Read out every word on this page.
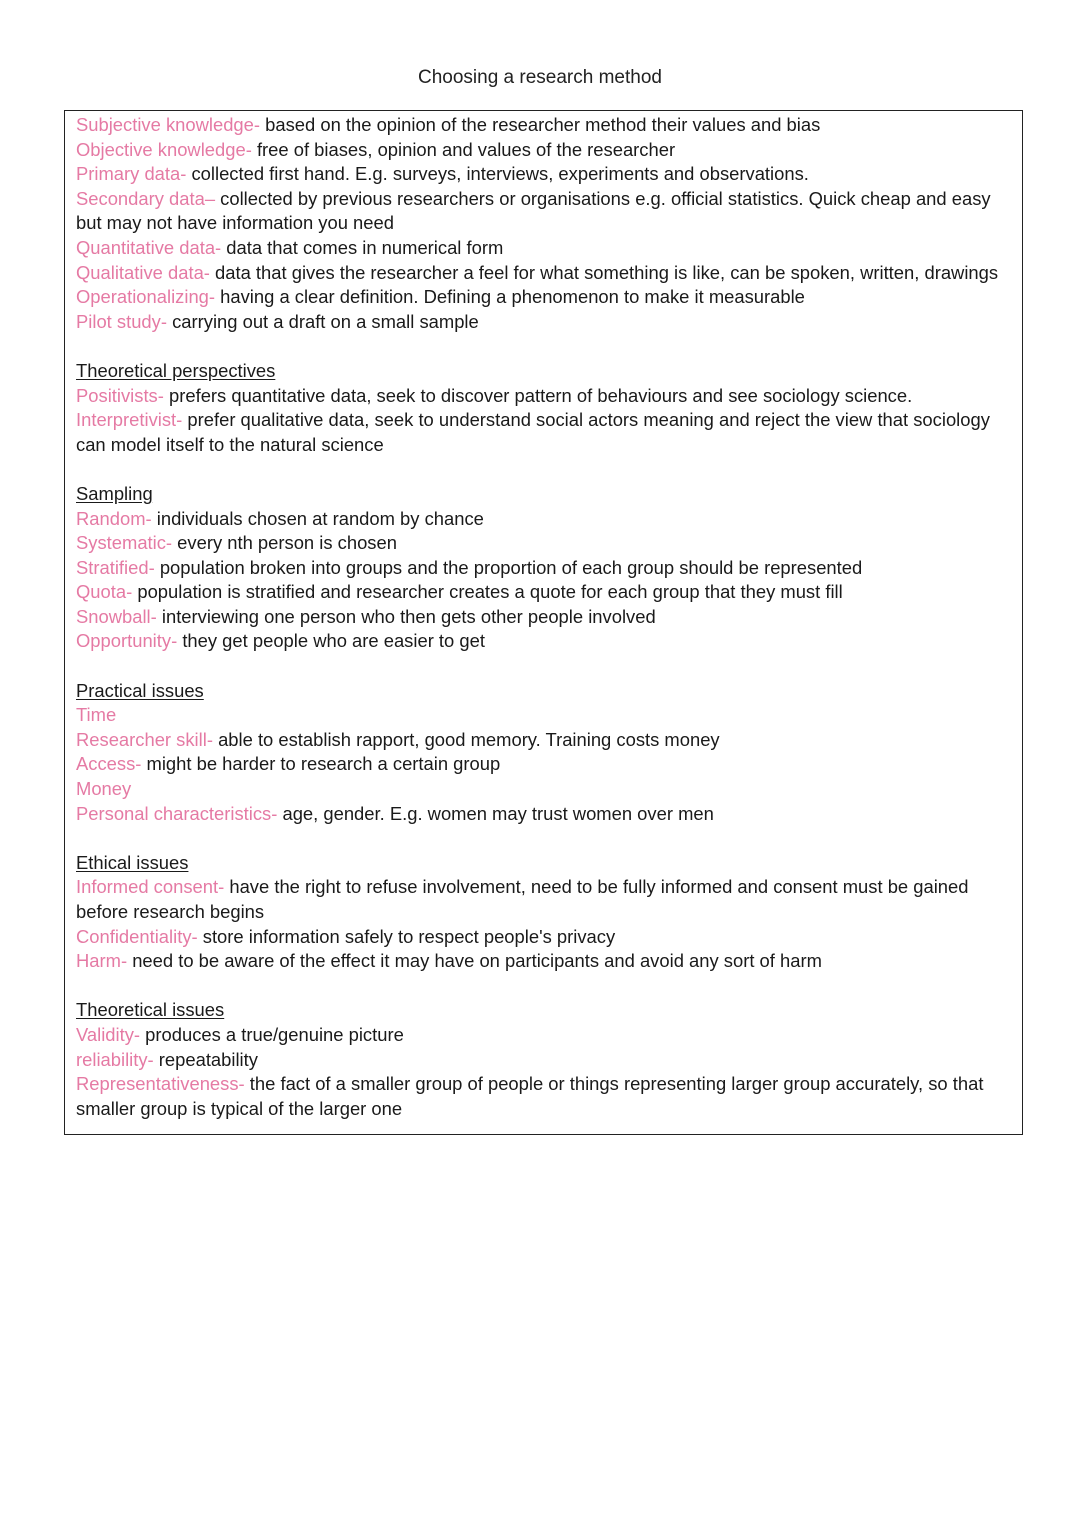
Choosing a research method

Subjective knowledge- based on the opinion of the researcher method their values and bias

Objective knowledge- free of biases, opinion and values of the researcher

Primary data- collected first hand. E.g. surveys, interviews, experiments and observations.

Secondary data– collected by previous researchers or organisations e.g. official statistics. Quick cheap and easy but may not have information you need

Quantitative data- data that comes in numerical form

Qualitative data- data that gives the researcher a feel for what something is like, can be spoken, written, drawings

Operationalizing- having a clear definition. Defining a phenomenon to make it measurable

Pilot study- carrying out a draft on a small sample

Theoretical perspectives

Positivists- prefers quantitative data, seek to discover pattern of behaviours and see sociology science.

Interpretivist- prefer qualitative data, seek to understand social actors meaning and reject the view that sociology can model itself to the natural science

Sampling

Random- individuals chosen at random by chance

Systematic- every nth person is chosen

Stratified- population broken into groups and the proportion of each group should be represented

Quota- population is stratified and researcher creates a quote for each group that they must fill

Snowball- interviewing one person who then gets other people involved

Opportunity- they get people who are easier to get

Practical issues

Time

Researcher skill- able to establish rapport, good memory. Training costs money

Access- might be harder to research a certain group

Money

Personal characteristics- age, gender. E.g. women may trust women over men

Ethical issues

Informed consent- have the right to refuse involvement, need to be fully informed and consent must be gained before research begins

Confidentiality- store information safely to respect people's privacy

Harm- need to be aware of the effect it may have on participants and avoid any sort of harm

Theoretical issues

Validity- produces a true/genuine picture

reliability- repeatability

Representativeness- the fact of a smaller group of people or things representing larger group accurately, so that smaller group is typical of the larger one
